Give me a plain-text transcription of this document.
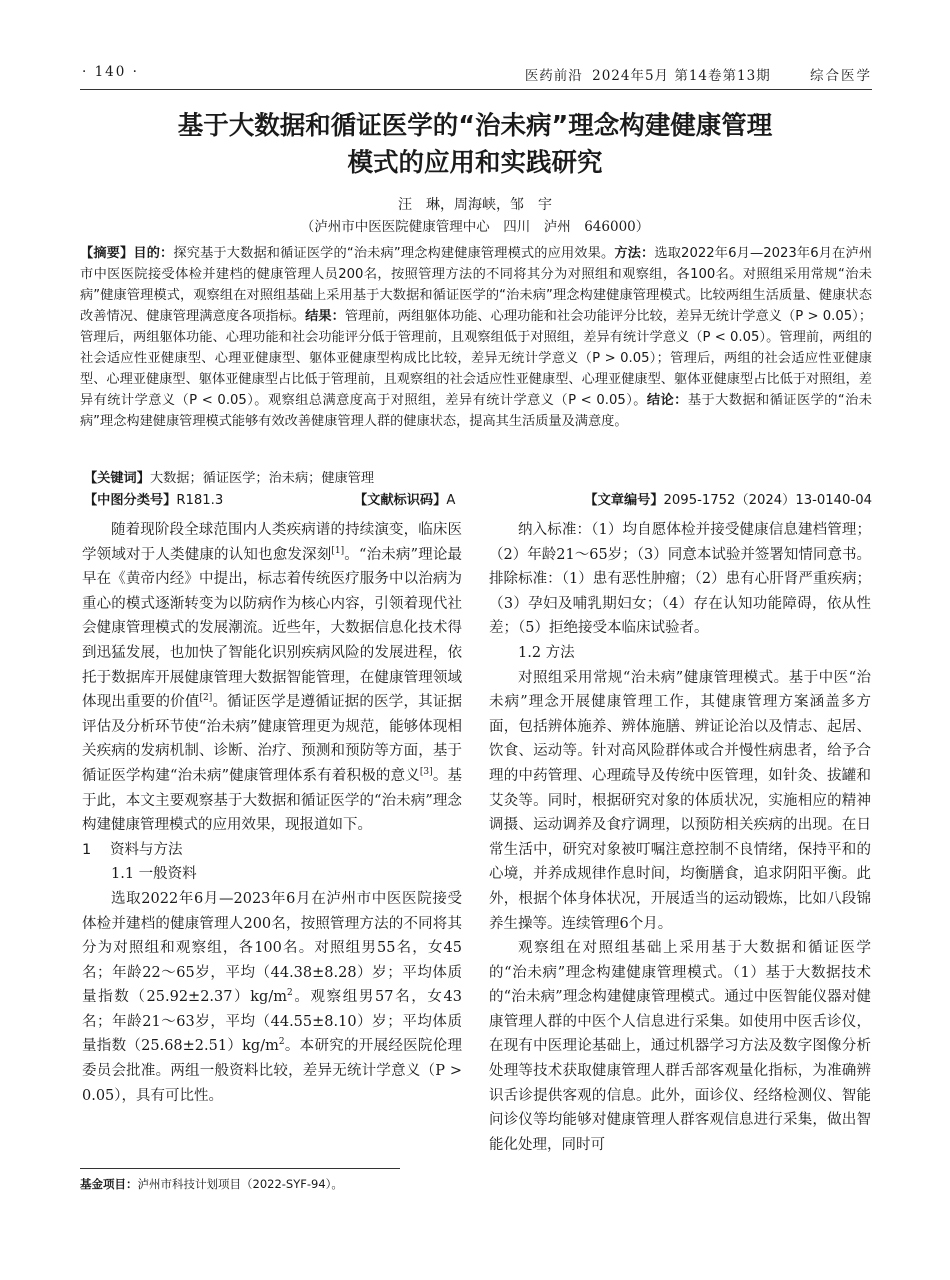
· 140 ·	医药前沿 2024年5月 第14卷第13期	综合医学
基于大数据和循证医学的“治未病”理念构建健康管理
模式的应用和实践研究
汪　琳，周海峡，邹　宇
（泸州市中医医院健康管理中心　四川　泸州　646000）
【摘要】目的：探究基于大数据和循证医学的“治未病”理念构建健康管理模式的应用效果。方法：选取2022年6月—2023年6月在泸州市中医医院接受体检并建档的健康管理人员200名，按照管理方法的不同将其分为对照组和观察组，各100名。对照组采用常规“治未病”健康管理模式，观察组在对照组基础上采用基于大数据和循证医学的“治未病”理念构建健康管理模式。比较两组生活质量、健康状态改善情况、健康管理满意度各项指标。结果：管理前，两组躯体功能、心理功能和社会功能评分比较，差异无统计学意义（P > 0.05）；管理后，两组躯体功能、心理功能和社会功能评分低于管理前，且观察组低于对照组，差异有统计学意义（P < 0.05）。管理前，两组的社会适应性亚健康型、心理亚健康型、躯体亚健康型构成比比较，差异无统计学意义（P > 0.05）；管理后，两组的社会适应性亚健康型、心理亚健康型、躯体亚健康型占比低于管理前，且观察组的社会适应性亚健康型、心理亚健康型、躯体亚健康型占比低于对照组，差异有统计学意义（P < 0.05）。观察组总满意度高于对照组，差异有统计学意义（P < 0.05）。结论：基于大数据和循证医学的“治未病”理念构建健康管理模式能够有效改善健康管理人群的健康状态，提高其生活质量及满意度。
【关键词】大数据；循证医学；治未病；健康管理
【中图分类号】R181.3	【文献标识码】A	【文章编号】2095-1752（2024）13-0140-04

随着现阶段全球范围内人类疾病谱的持续演变，临床医学领域对于人类健康的认知也愈发深刻[1]。“治未病”理论最早在《黄帝内经》中提出，标志着传统医疗服务中以治病为重心的模式逐渐转变为以防病作为核心内容，引领着现代社会健康管理模式的发展潮流。近些年，大数据信息化技术得到迅猛发展，也加快了智能化识别疾病风险的发展进程，依托于数据库开展健康管理大数据智能管理，在健康管理领域体现出重要的价值[2]。循证医学是遵循证据的医学，其证据评估及分析环节使“治未病”健康管理更为规范，能够体现相关疾病的发病机制、诊断、治疗、预测和预防等方面，基于循证医学构建“治未病”健康管理体系有着积极的意义[3]。基于此，本文主要观察基于大数据和循证医学的“治未病”理念构建健康管理模式的应用效果，现报道如下。

1 资料与方法

1.1 一般资料

选取2022年6月—2023年6月在泸州市中医医院接受体检并建档的健康管理人200名，按照管理方法的不同将其分为对照组和观察组，各100名。对照组男55名，女45名；年龄22～65岁，平均（44.38±8.28）岁；平均体质量指数$(25.92\pm 2.37)kg/m^2$。观察组男57名，女43名；年龄21～63岁，平均（44.55±8.10）岁；平均体质量指数$(25.68\pm 2.51)kg/m^2$。本研究的开展经医院伦理委员会批准。两组一般资料比较，差异无统计学意义（P > 0.05），具有可比性。

纳入标准：（1）均自愿体检并接受健康信息建档管理；（2）年龄21～65岁；（3）同意本试验并签署知情同意书。排除标准：（1）患有恶性肿瘤；（2）患有心肝肾严重疾病；（3）孕妇及哺乳期妇女；（4）存在认知功能障碍，依从性差；（5）拒绝接受本临床试验者。

1.2 方法

对照组采用常规“治未病”健康管理模式。基于中医“治未病”理念开展健康管理工作，其健康管理方案涵盖多方面，包括辨体施养、辨体施膳、辨证论治以及情志、起居、饮食、运动等。针对高风险群体或合并慢性病患者，给予合理的中药管理、心理疏导及传统中医管理，如针灸、拔罐和艾灸等。同时，根据研究对象的体质状况，实施相应的精神调摄、运动调养及食疗调理，以预防相关疾病的出现。在日常生活中，研究对象被叮嘱注意控制不良情绪，保持平和的心境，并养成规律作息时间，均衡膳食，追求阴阳平衡。此外，根据个体身体状况，开展适当的运动锻炼，比如八段锦养生操等。连续管理6个月。

观察组在对照组基础上采用基于大数据和循证医学的“治未病”理念构建健康管理模式。（1）基于大数据技术的“治未病”理念构建健康管理模式。通过中医智能仪器对健康管理人群的中医个人信息进行采集。如使用中医舌诊仪，在现有中医理论基础上，通过机器学习方法及数字图像分析处理等技术获取健康管理人群舌部客观量化指标，为准确辨识舌诊提供客观的信息。此外，面诊仪、经络检测仪、智能问诊仪等均能够对健康管理人群客观信息进行采集，做出智能化处理，同时可

基金项目：泸州市科技计划项目（2022-SYF-94）。
